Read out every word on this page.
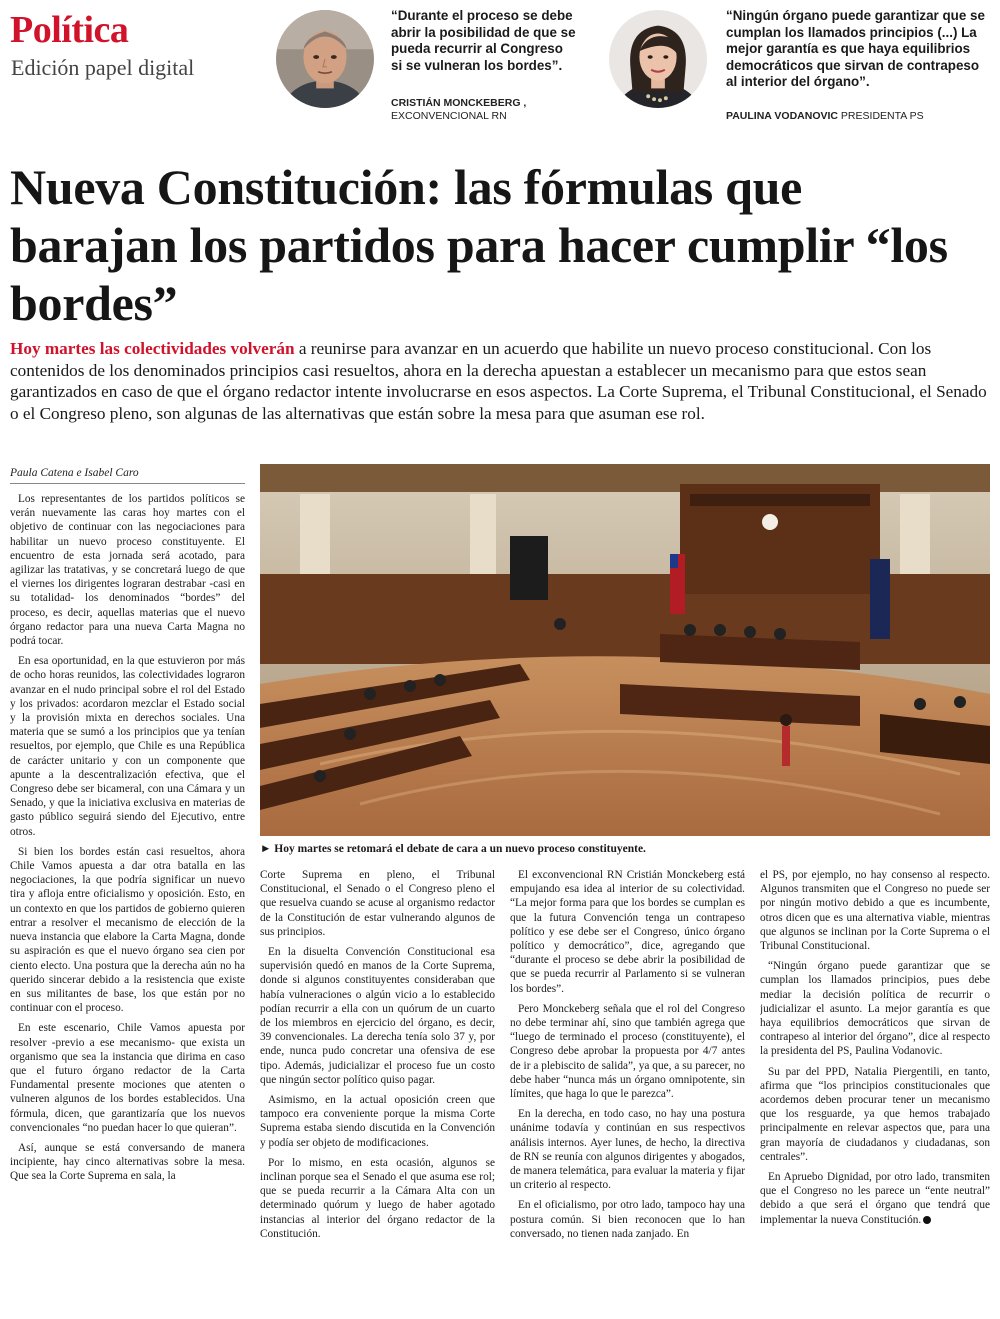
Política
Edición papel digital
“Durante el proceso se debe abrir la posibilidad de que se pueda recurrir al Congreso si se vulneran los bordes”.
CRISTIÁN MONCKEBERG ,
EXCONVENCIONAL RN
“Ningún órgano puede garantizar que se cumplan los llamados principios (...) La mejor garantía es que haya equilibrios democráticos que sirvan de contrapeso al interior del órgano”.
PAULINA VODANOVIC PRESIDENTA PS
Nueva Constitución: las fórmulas que barajan los partidos para hacer cumplir “los bordes”
Hoy martes las colectividades volverán a reunirse para avanzar en un acuerdo que habilite un nuevo proceso constitucional. Con los contenidos de los denominados principios casi resueltos, ahora en la derecha apuestan a establecer un mecanismo para que estos sean garantizados en caso de que el órgano redactor intente involucrarse en esos aspectos. La Corte Suprema, el Tribunal Constitucional, el Senado o el Congreso pleno, son algunas de las alternativas que están sobre la mesa para que asuman ese rol.
Paula Catena e Isabel Caro

Los representantes de los partidos políticos se verán nuevamente las caras hoy martes con el objetivo de continuar con las negociaciones para habilitar un nuevo proceso constituyente. El encuentro de esta jornada será acotado, para agilizar las tratativas, y se concretará luego de que el viernes los dirigentes lograran destrabar -casi en su totalidad- los denominados “bordes” del proceso, es decir, aquellas materias que el nuevo órgano redactor para una nueva Carta Magna no podrá tocar.

En esa oportunidad, en la que estuvieron por más de ocho horas reunidos, las colectividades lograron avanzar en el nudo principal sobre el rol del Estado y los privados: acordaron mezclar el Estado social y la provisión mixta en derechos sociales. Una materia que se sumó a los principios que ya tenían resueltos, por ejemplo, que Chile es una República de carácter unitario y con un componente que apunte a la descentralización efectiva, que el Congreso debe ser bicameral, con una Cámara y un Senado, y que la iniciativa exclusiva en materias de gasto público seguirá siendo del Ejecutivo, entre otros.

Si bien los bordes están casi resueltos, ahora Chile Vamos apuesta a dar otra batalla en las negociaciones, la que podría significar un nuevo tira y afloja entre oficialismo y oposición. Esto, en un contexto en que los partidos de gobierno quieren entrar a resolver el mecanismo de elección de la nueva instancia que elabore la Carta Magna, donde su aspiración es que el nuevo órgano sea cien por ciento electo. Una postura que la derecha aún no ha querido sincerar debido a la resistencia que existe en sus militantes de base, los que están por no continuar con el proceso.

En este escenario, Chile Vamos apuesta por resolver -previo a ese mecanismo- que exista un organismo que sea la instancia que dirima en caso que el futuro órgano redactor de la Carta Fundamental presente mociones que atenten o vulneren algunos de los bordes establecidos. Una fórmula, dicen, que garantizaría que los nuevos convencionales “no puedan hacer lo que quieran”.

Así, aunque se está conversando de manera incipiente, hay cinco alternativas sobre la mesa. Que sea la Corte Suprema en sala, la

► Hoy martes se retomará el debate de cara a un nuevo proceso constituyente.

Corte Suprema en pleno, el Tribunal Constitucional, el Senado o el Congreso pleno el que resuelva cuando se acuse al organismo redactor de la Constitución de estar vulnerando algunos de sus principios.

En la disuelta Convención Constitucional esa supervisión quedó en manos de la Corte Suprema, donde si algunos constituyentes consideraban que había vulneraciones o algún vicio a lo establecido podían recurrir a ella con un quórum de un cuarto de los miembros en ejercicio del órgano, es decir, 39 convencionales. La derecha tenía solo 37 y, por ende, nunca pudo concretar una ofensiva de ese tipo. Además, judicializar el proceso fue un costo que ningún sector político quiso pagar.

Asimismo, en la actual oposición creen que tampoco era conveniente porque la misma Corte Suprema estaba siendo discutida en la Convención y podía ser objeto de modificaciones.

Por lo mismo, en esta ocasión, algunos se inclinan porque sea el Senado el que asuma ese rol; que se pueda recurrir a la Cámara Alta con un determinado quórum y luego de haber agotado instancias al interior del órgano redactor de la Constitución.

El exconvencional RN Cristián Monckeberg está empujando esa idea al interior de su colectividad. “La mejor forma para que los bordes se cumplan es que la futura Convención tenga un contrapeso político y ese debe ser el Congreso, único órgano político y democrático”, dice, agregando que “durante el proceso se debe abrir la posibilidad de que se pueda recurrir al Parlamento si se vulneran los bordes”.

Pero Monckeberg señala que el rol del Congreso no debe terminar ahí, sino que también agrega que “luego de terminado el proceso (constituyente), el Congreso debe aprobar la propuesta por 4/7 antes de ir a plebiscito de salida”, ya que, a su parecer, no debe haber “nunca más un órgano omnipotente, sin límites, que haga lo que le parezca”.

En la derecha, en todo caso, no hay una postura unánime todavía y continúan en sus respectivos análisis internos. Ayer lunes, de hecho, la directiva de RN se reunía con algunos dirigentes y abogados, de manera telemática, para evaluar la materia y fijar un criterio al respecto.

En el oficialismo, por otro lado, tampoco hay una postura común. Si bien reconocen que lo han conversado, no tienen nada zanjado. En

el PS, por ejemplo, no hay consenso al respecto. Algunos transmiten que el Congreso no puede ser por ningún motivo debido a que es incumbente, otros dicen que es una alternativa viable, mientras que algunos se inclinan por la Corte Suprema o el Tribunal Constitucional.

“Ningún órgano puede garantizar que se cumplan los llamados principios, pues debe mediar la decisión política de recurrir o judicializar el asunto. La mejor garantía es que haya equilibrios democráticos que sirvan de contrapeso al interior del órgano”, dice al respecto la presidenta del PS, Paulina Vodanovic.

Su par del PPD, Natalia Piergentili, en tanto, afirma que “los principios constitucionales que acordemos deben procurar tener un mecanismo que los resguarde, ya que hemos trabajado principalmente en relevar aspectos que, para una gran mayoría de ciudadanos y ciudadanas, son centrales”.

En Apruebo Dignidad, por otro lado, transmiten que el Congreso no les parece un “ente neutral” debido a que será el órgano que tendrá que implementar la nueva Constitución.
